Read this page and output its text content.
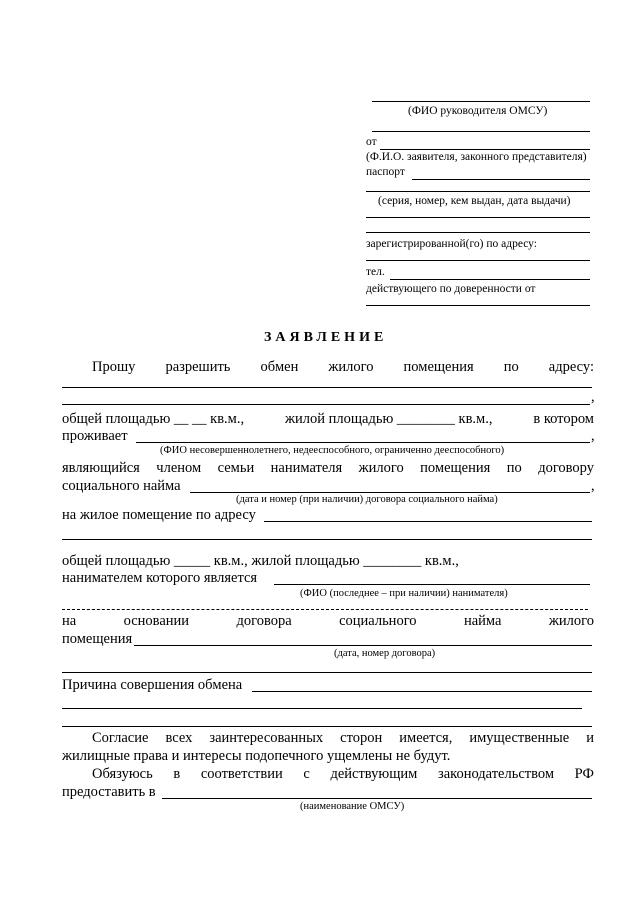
(ФИО руководителя ОМСУ)
от
(Ф.И.О. заявителя, законного представителя)
паспорт
(серия, номер, кем выдан, дата выдачи)
зарегистрированной(го) по адресу:
тел.
действующего по доверенности от
ЗАЯВЛЕНИЕ
Прошу разрешить обмен жилого помещения по адресу:
,
общей площадью __ __ кв.м.,	жилой площадью ________ кв.м.,	в котором
проживает	,
(ФИО несовершеннолетнего, недееспособного, ограниченно дееспособного)
являющийся членом семьи нанимателя жилого помещения по договору
социального найма	,
(дата и номер (при наличии) договора социального найма)
на жилое помещение по адресу
общей площадью _____ кв.м., жилой площадью ________ кв.м.,
нанимателем которого является
(ФИО (последнее – при наличии) нанимателя)
на	основании	договора	социального	найма	жилого
помещения
(дата, номер договора)
Причина совершения обмена
Согласие всех заинтересованных сторон имеется, имущественные и
жилищные права и интересы подопечного ущемлены не будут.
Обязуюсь в соответствии с действующим законодательством РФ
предоставить в
(наименование ОМСУ)
